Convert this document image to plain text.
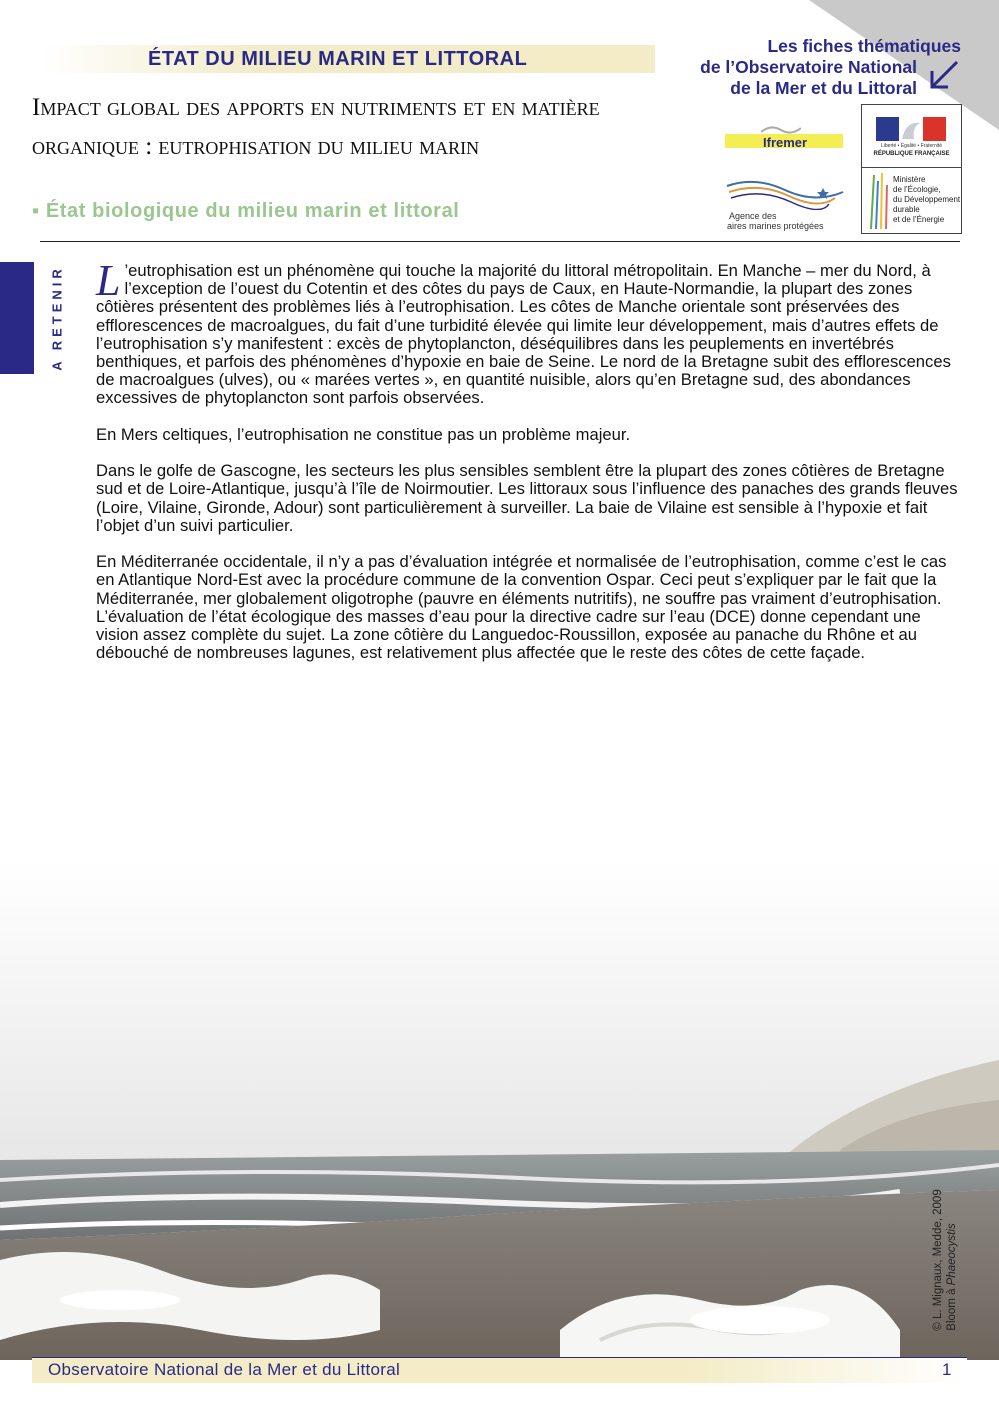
ÉTAT DU MILIEU MARIN ET LITTORAL
Les fiches thématiques
de l’Observatoire National
de la Mer et du Littoral
Impact global des apports en nutriments et en matière organique : eutrophisation du milieu marin
▪ État biologique du milieu marin et littoral
Ifremer
Agence des
aires marines protégées
Liberté • Égalité • Fraternité
RÉPUBLIQUE FRANÇAISE
Ministère
de l’Écologie,
du Développement
durable
et de l’Énergie
A RETENIR L ’eutrophisation est un phénomène qui touche la majorité du littoral métropolitain. En Manche – mer du Nord, à l’exception de l’ouest du Cotentin et des côtes du pays de Caux, en Haute-Normandie, la plupart des zones côtières présentent des problèmes liés à l’eutrophisation. Les côtes de Manche orientale sont préservées des efflorescences de macroalgues, du fait d’une turbidité élevée qui limite leur développement, mais d’autres effets de l’eutrophisation s’y manifestent : excès de phytoplancton, déséquilibres dans les peuplements en invertébrés benthiques, et parfois des phénomènes d’hypoxie en baie de Seine. Le nord de la Bretagne subit des efflorescences de macroalgues (ulves), ou « marées vertes », en quantité nuisible, alors qu’en Bretagne sud, des abondances excessives de phytoplancton sont parfois observées.

En Mers celtiques, l’eutrophisation ne constitue pas un problème majeur.

Dans le golfe de Gascogne, les secteurs les plus sensibles semblent être la plupart des zones côtières de Bretagne sud et de Loire-Atlantique, jusqu’à l’île de Noirmoutier. Les littoraux sous l’influence des panaches des grands fleuves (Loire, Vilaine, Gironde, Adour) sont particulièrement à surveiller. La baie de Vilaine est sensible à l’hypoxie et fait l’objet d’un suivi particulier.

En Méditerranée occidentale, il n’y a pas d’évaluation intégrée et normalisée de l’eutrophisation, comme c’est le cas en Atlantique Nord-Est avec la procédure commune de la convention Ospar. Ceci peut s’expliquer par le fait que la Méditerranée, mer globalement oligotrophe (pauvre en éléments nutritifs), ne souffre pas vraiment d’eutrophisation. L’évaluation de l’état écologique des masses d’eau pour la directive cadre sur l’eau (DCE) donne cependant une vision assez complète du sujet. La zone côtière du Languedoc-Roussillon, exposée au panache du Rhône et au débouché de nombreuses lagunes, est relativement plus affectée que le reste des côtes de cette façade.

© L. Mignaux, Medde, 2009 Bloom à Phaeocystis
Observatoire National de la Mer et du Littoral	1
